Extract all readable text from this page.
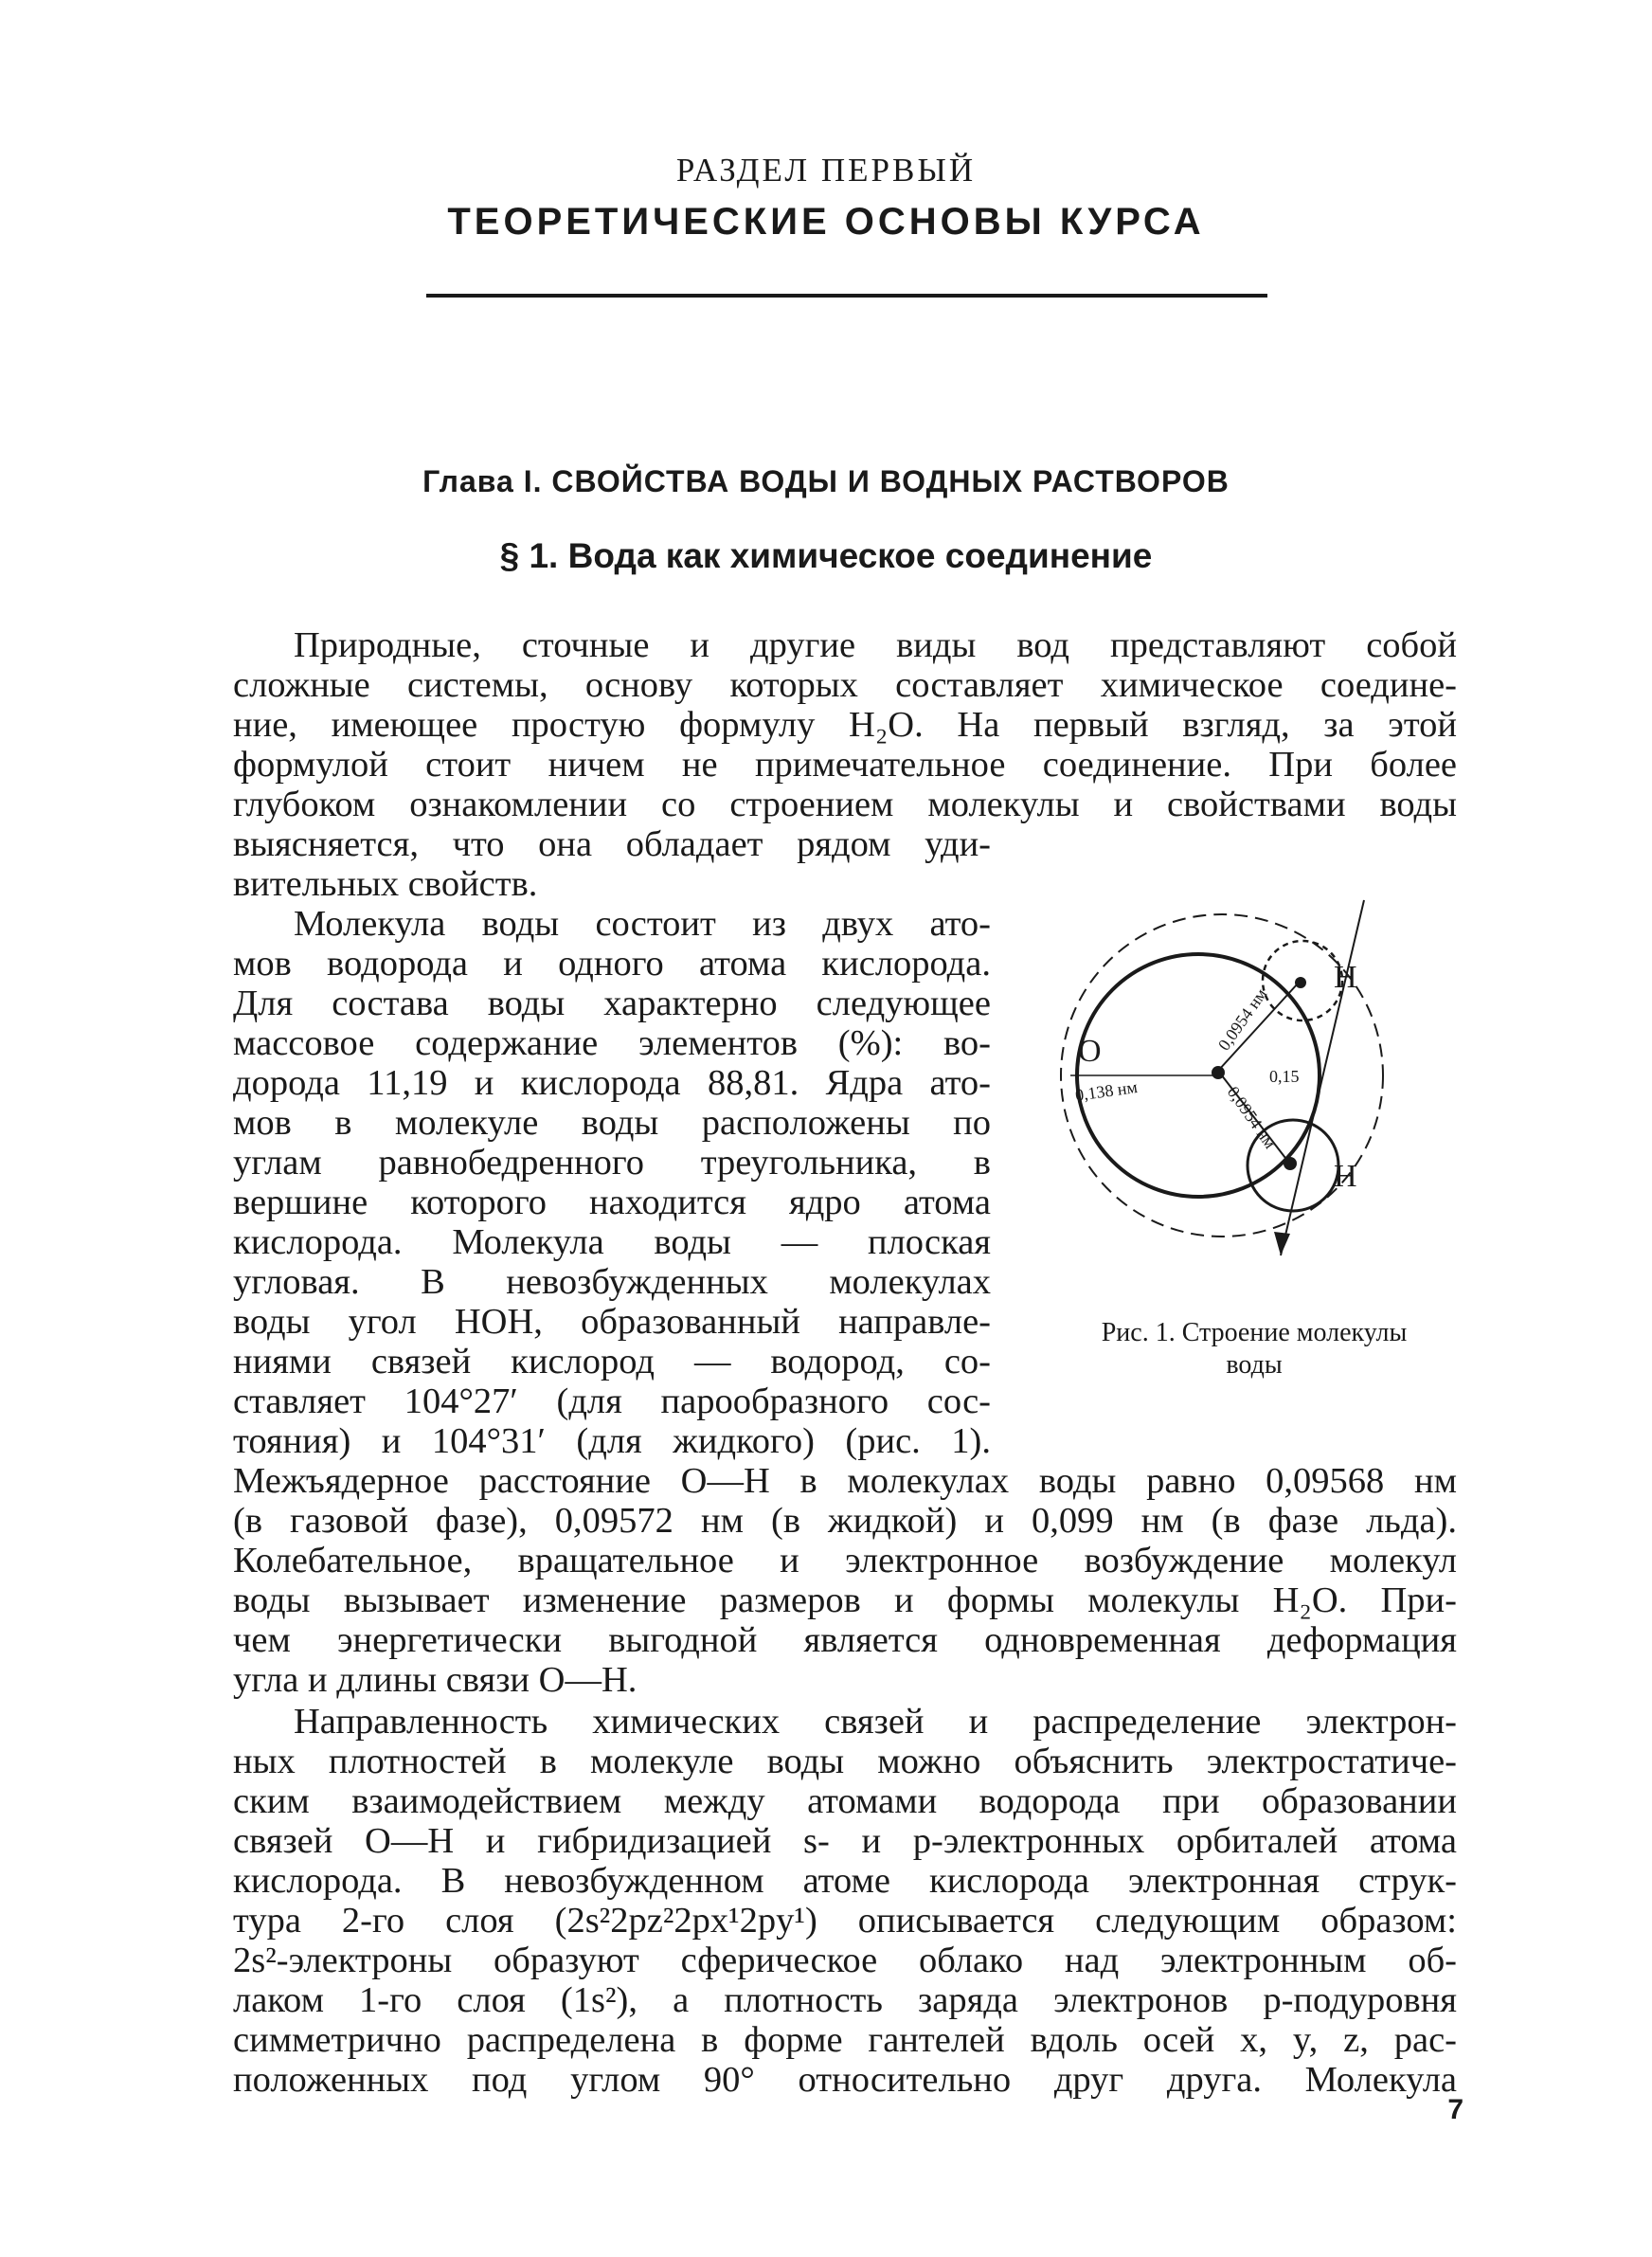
РАЗДЕЛ ПЕРВЫЙ
ТЕОРЕТИЧЕСКИЕ ОСНОВЫ КУРСА
Глава I. СВОЙСТВА ВОДЫ И ВОДНЫХ РАСТВОРОВ
§ 1. Вода как химическое соединение
Природные, сточные и другие виды вод представляют собой
сложные системы, основу которых составляет химическое соедине-
ние, имеющее простую формулу H₂O. На первый взгляд, за этой
формулой стоит ничем не примечательное соединение. При более
глубоком ознакомлении со строением молекулы и свойствами воды
выясняется, что она обладает рядом уди-
вительных свойств.
Молекула воды состоит из двух ато-
мов водорода и одного атома кислорода.
Для состава воды характерно следующее
массовое содержание элементов (%): во-
дорода 11,19 и кислорода 88,81. Ядра ато-
мов в молекуле воды расположены по
углам равнобедренного треугольника, в
вершине которого находится ядро атома
кислорода. Молекула воды — плоская
угловая. В невозбужденных молекулах
воды угол HOH, образованный направле-
ниями связей кислород — водород, со-
ставляет 104°27′ (для парообразного сос-
тояния) и 104°31′ (для жидкого) (рис. 1).
Межъядерное расстояние O—H в молекулах воды равно 0,09568 нм
(в газовой фазе), 0,09572 нм (в жидкой) и 0,099 нм (в фазе льда).
Колебательное, вращательное и электронное возбуждение молекул
воды вызывает изменение размеров и формы молекулы H₂O. При-
чем энергетически выгодной является одновременная деформация
угла и длины связи O—H.
Направленность химических связей и распределение электрон-
ных плотностей в молекуле воды можно объяснить электростатиче-
ским взаимодействием между атомами водорода при образовании
связей O—H и гибридизацией s- и p-электронных орбиталей атома
кислорода. В невозбужденном атоме кислорода электронная струк-
тура 2-го слоя (2s²2pz²2px¹2py¹) описывается следующим образом:
2s²-электроны образуют сферическое облако над электронным об-
лаком 1-го слоя (1s²), а плотность заряда электронов p-подуровня
симметрично распределена в форме гантелей вдоль осей x, y, z, рас-
положенных под углом 90° относительно друг друга. Молекула
O
H
H
0,138 нм
0,0954 нм
0,0954 нм
0,15
Рис. 1. Строение молекулы
воды
7
